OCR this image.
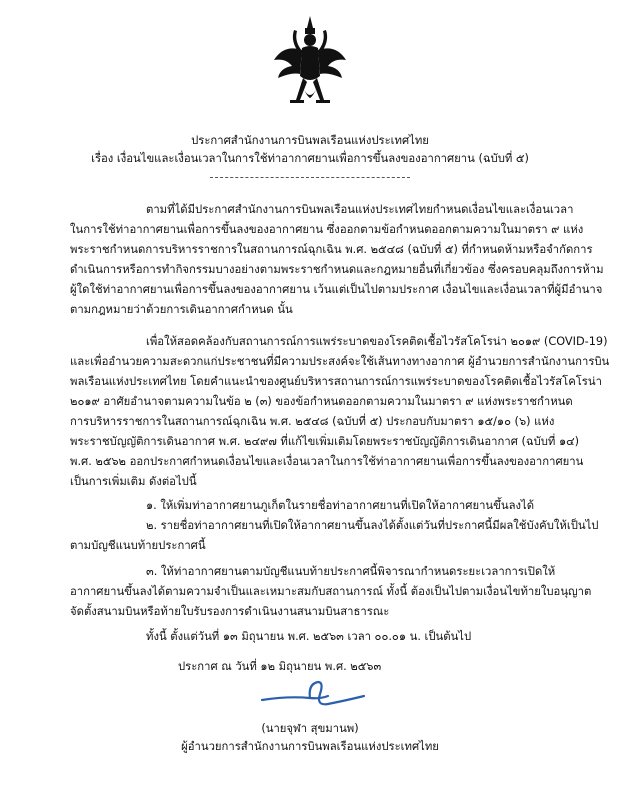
ประกาศสำนักงานการบินพลเรือนแห่งประเทศไทย
เรื่อง เงื่อนไขและเงื่อนเวลาในการใช้ท่าอากาศยานเพื่อการขึ้นลงของอากาศยาน (ฉบับที่ ๕)
ตามที่ได้มีประกาศสำนักงานการบินพลเรือนแห่งประเทศไทยกำหนดเงื่อนไขและเงื่อนเวลา
ในการใช้ท่าอากาศยานเพื่อการขึ้นลงของอากาศยาน ซึ่งออกตามข้อกำหนดออกตามความในมาตรา ๙ แห่ง
พระราชกำหนดการบริหารราชการในสถานการณ์ฉุกเฉิน พ.ศ. ๒๕๔๘ (ฉบับที่ ๕) ที่กำหนดห้ามหรือจำกัดการ
ดำเนินการหรือการทำกิจกรรมบางอย่างตามพระราชกำหนดและกฎหมายอื่นที่เกี่ยวข้อง ซึ่งครอบคลุมถึงการห้าม
ผู้ใดใช้ท่าอากาศยานเพื่อการขึ้นลงของอากาศยาน เว้นแต่เป็นไปตามประกาศ เงื่อนไขและเงื่อนเวลาที่ผู้มีอำนาจ
ตามกฎหมายว่าด้วยการเดินอากาศกำหนด นั้น
เพื่อให้สอดคล้องกับสถานการณ์การแพร่ระบาดของโรคติดเชื้อไวรัสโคโรน่า ๒๐๑๙ (COVID-19)
และเพื่ออำนวยความสะดวกแก่ประชาชนที่มีความประสงค์จะใช้เส้นทางทางอากาศ ผู้อำนวยการสำนักงานการบิน
พลเรือนแห่งประเทศไทย โดยคำแนะนำของศูนย์บริหารสถานการณ์การแพร่ระบาดของโรคติดเชื้อไวรัสโคโรน่า
๒๐๑๙ อาศัยอำนาจตามความในข้อ ๒ (๓) ของข้อกำหนดออกตามความในมาตรา ๙ แห่งพระราชกำหนด
การบริหารราชการในสถานการณ์ฉุกเฉิน พ.ศ. ๒๕๔๘ (ฉบับที่ ๕) ประกอบกับมาตรา ๑๕/๑๐ (๖) แห่ง
พระราชบัญญัติการเดินอากาศ พ.ศ. ๒๔๙๗ ที่แก้ไขเพิ่มเติมโดยพระราชบัญญัติการเดินอากาศ (ฉบับที่ ๑๔)
พ.ศ. ๒๕๖๒ ออกประกาศกำหนดเงื่อนไขและเงื่อนเวลาในการใช้ท่าอากาศยานเพื่อการขึ้นลงของอากาศยาน
เป็นการเพิ่มเติม ดังต่อไปนี้
๑. ให้เพิ่มท่าอากาศยานภูเก็ตในรายชื่อท่าอากาศยานที่เปิดให้อากาศยานขึ้นลงได้
๒. รายชื่อท่าอากาศยานที่เปิดให้อากาศยานขึ้นลงได้ตั้งแต่วันที่ประกาศนี้มีผลใช้บังคับให้เป็นไป
ตามบัญชีแนบท้ายประกาศนี้
๓. ให้ท่าอากาศยานตามบัญชีแนบท้ายประกาศนี้พิจารณากำหนดระยะเวลาการเปิดให้
อากาศยานขึ้นลงได้ตามความจำเป็นและเหมาะสมกับสถานการณ์ ทั้งนี้ ต้องเป็นไปตามเงื่อนไขท้ายใบอนุญาต
จัดตั้งสนามบินหรือท้ายใบรับรองการดำเนินงานสนามบินสาธารณะ
ทั้งนี้ ตั้งแต่วันที่ ๑๓ มิถุนายน พ.ศ. ๒๕๖๓ เวลา ๐๐.๐๑ น. เป็นต้นไป
ประกาศ ณ วันที่ ๑๒ มิถุนายน พ.ศ. ๒๕๖๓
(นายจุฬา สุขมานพ)
ผู้อำนวยการสำนักงานการบินพลเรือนแห่งประเทศไทย
